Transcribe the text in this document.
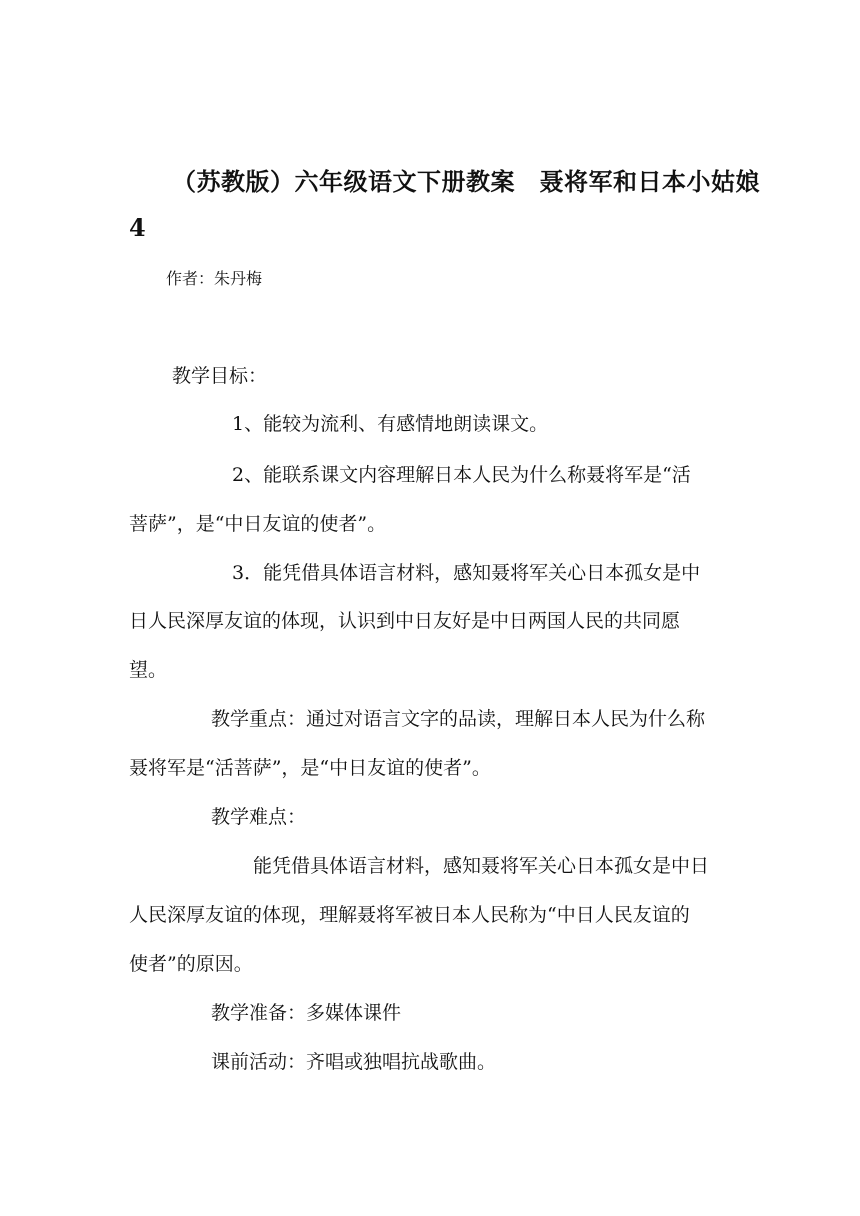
（苏教版）六年级语文下册教案　聂将军和日本小姑娘
4
作者：朱丹梅
教学目标：
1、能较为流利、有感情地朗读课文。
2、能联系课文内容理解日本人民为什么称聂将军是“活
菩萨”，是“中日友谊的使者”。
3．能凭借具体语言材料，感知聂将军关心日本孤女是中
日人民深厚友谊的体现，认识到中日友好是中日两国人民的共同愿
望。
教学重点：通过对语言文字的品读，理解日本人民为什么称
聂将军是“活菩萨”，是“中日友谊的使者”。
教学难点：
能凭借具体语言材料，感知聂将军关心日本孤女是中日
人民深厚友谊的体现，理解聂将军被日本人民称为“中日人民友谊的
使者”的原因。
教学准备：多媒体课件
课前活动：齐唱或独唱抗战歌曲。
